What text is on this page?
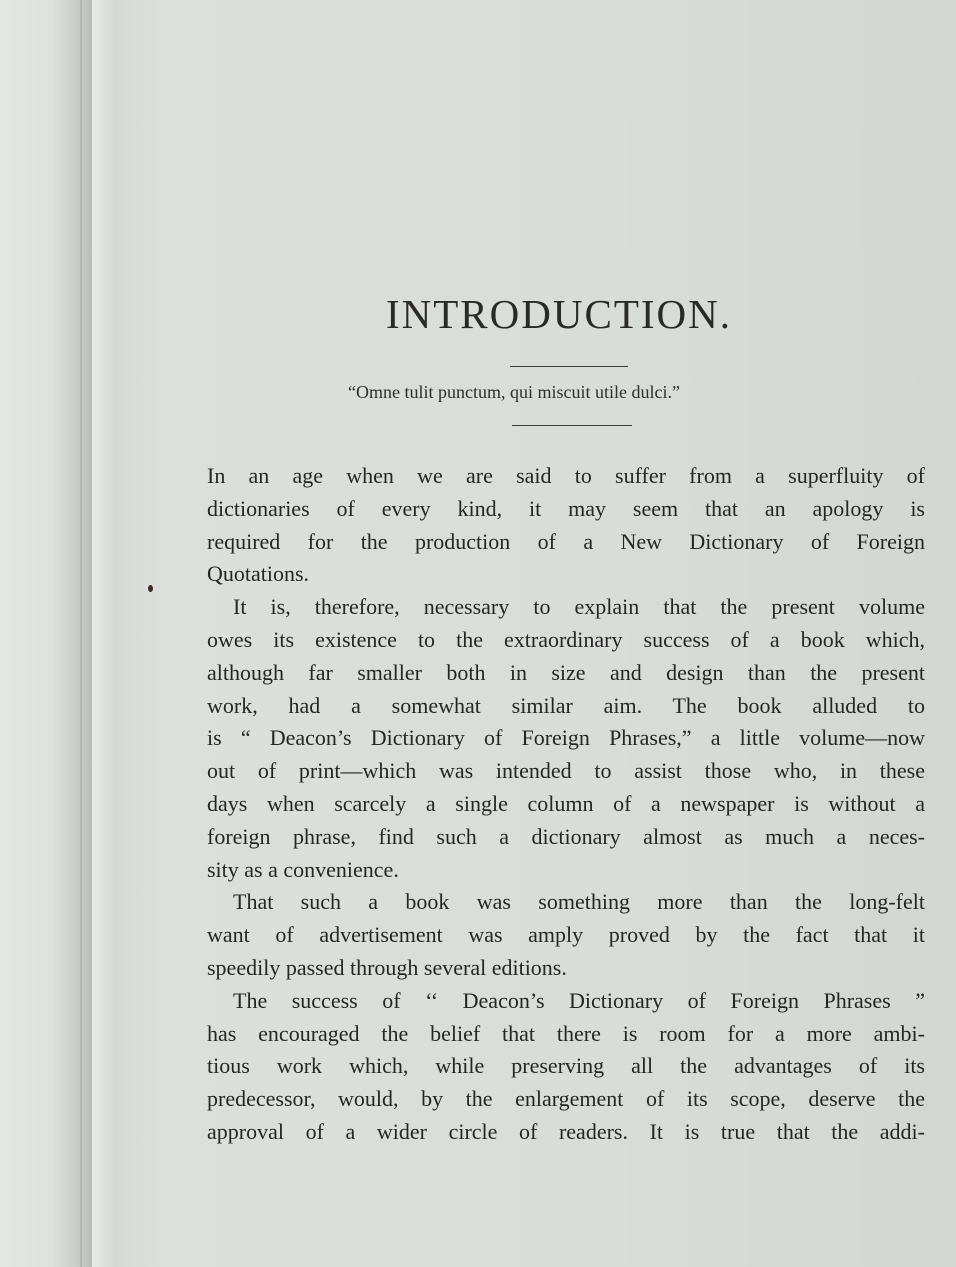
INTRODUCTION.
“Omne tulit punctum, qui miscuit utile dulci.”

In an age when we are said to suffer from a superfluity of
dictionaries of every kind, it may seem that an apology is
required for the production of a New Dictionary of Foreign
Quotations.

It is, therefore, necessary to explain that the present volume
owes its existence to the extraordinary success of a book which,
although far smaller both in size and design than the present
work, had a somewhat similar aim. The book alluded to
is “ Deacon’s Dictionary of Foreign Phrases,” a little volume—now
out of print—which was intended to assist those who, in these
days when scarcely a single column of a newspaper is without a
foreign phrase, find such a dictionary almost as much a neces-
sity as a convenience.

That such a book was something more than the long-felt
want of advertisement was amply proved by the fact that it
speedily passed through several editions.

The success of ‘‘ Deacon’s Dictionary of Foreign Phrases ”
has encouraged the belief that there is room for a more ambi-
tious work which, while preserving all the advantages of its
predecessor, would, by the enlargement of its scope, deserve the
approval of a wider circle of readers. It is true that the addi-
